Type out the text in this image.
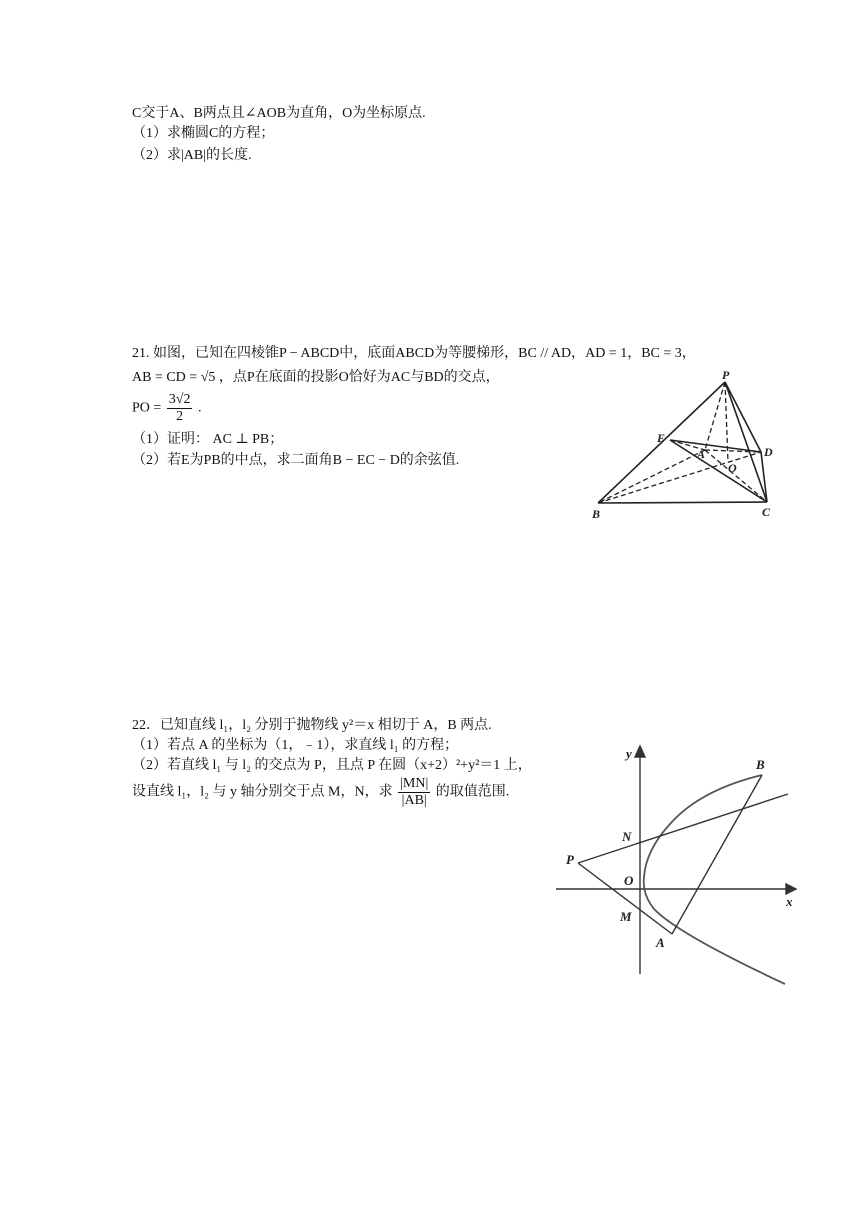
C交于A、B两点且∠AOB为直角，O为坐标原点.
（1）求椭圆C的方程；
（2）求|AB|的长度.
21. 如图，已知在四棱锥P − ABCD中，底面ABCD为等腰梯形，BC // AD，AD = 1，BC = 3，
AB = CD = √5 ，点P在底面的投影O恰好为AC与BD的交点，
PO = $\frac{3√2}{2}$ .
（1）证明： AC ⊥ PB；
（2）若E为PB的中点，求二面角B − EC − D的余弦值.
P
E
A
O
D
B	C
22．已知直线 l₁，l₂ 分别于抛物线 y²＝x 相切于 A，B 两点.
（1）若点 A 的坐标为（1，﹣1），求直线 l₁ 的方程；
（2）若直线 l₁ 与 l₂ 的交点为 P，且点 P 在圆（x+2）²+y²＝1 上，
设直线 l₁，l₂ 与 y 轴分别交于点 M，N，求 $\frac{|MN|}{|AB|}$ 的取值范围.
y
x
B
N
P
O
M
A
